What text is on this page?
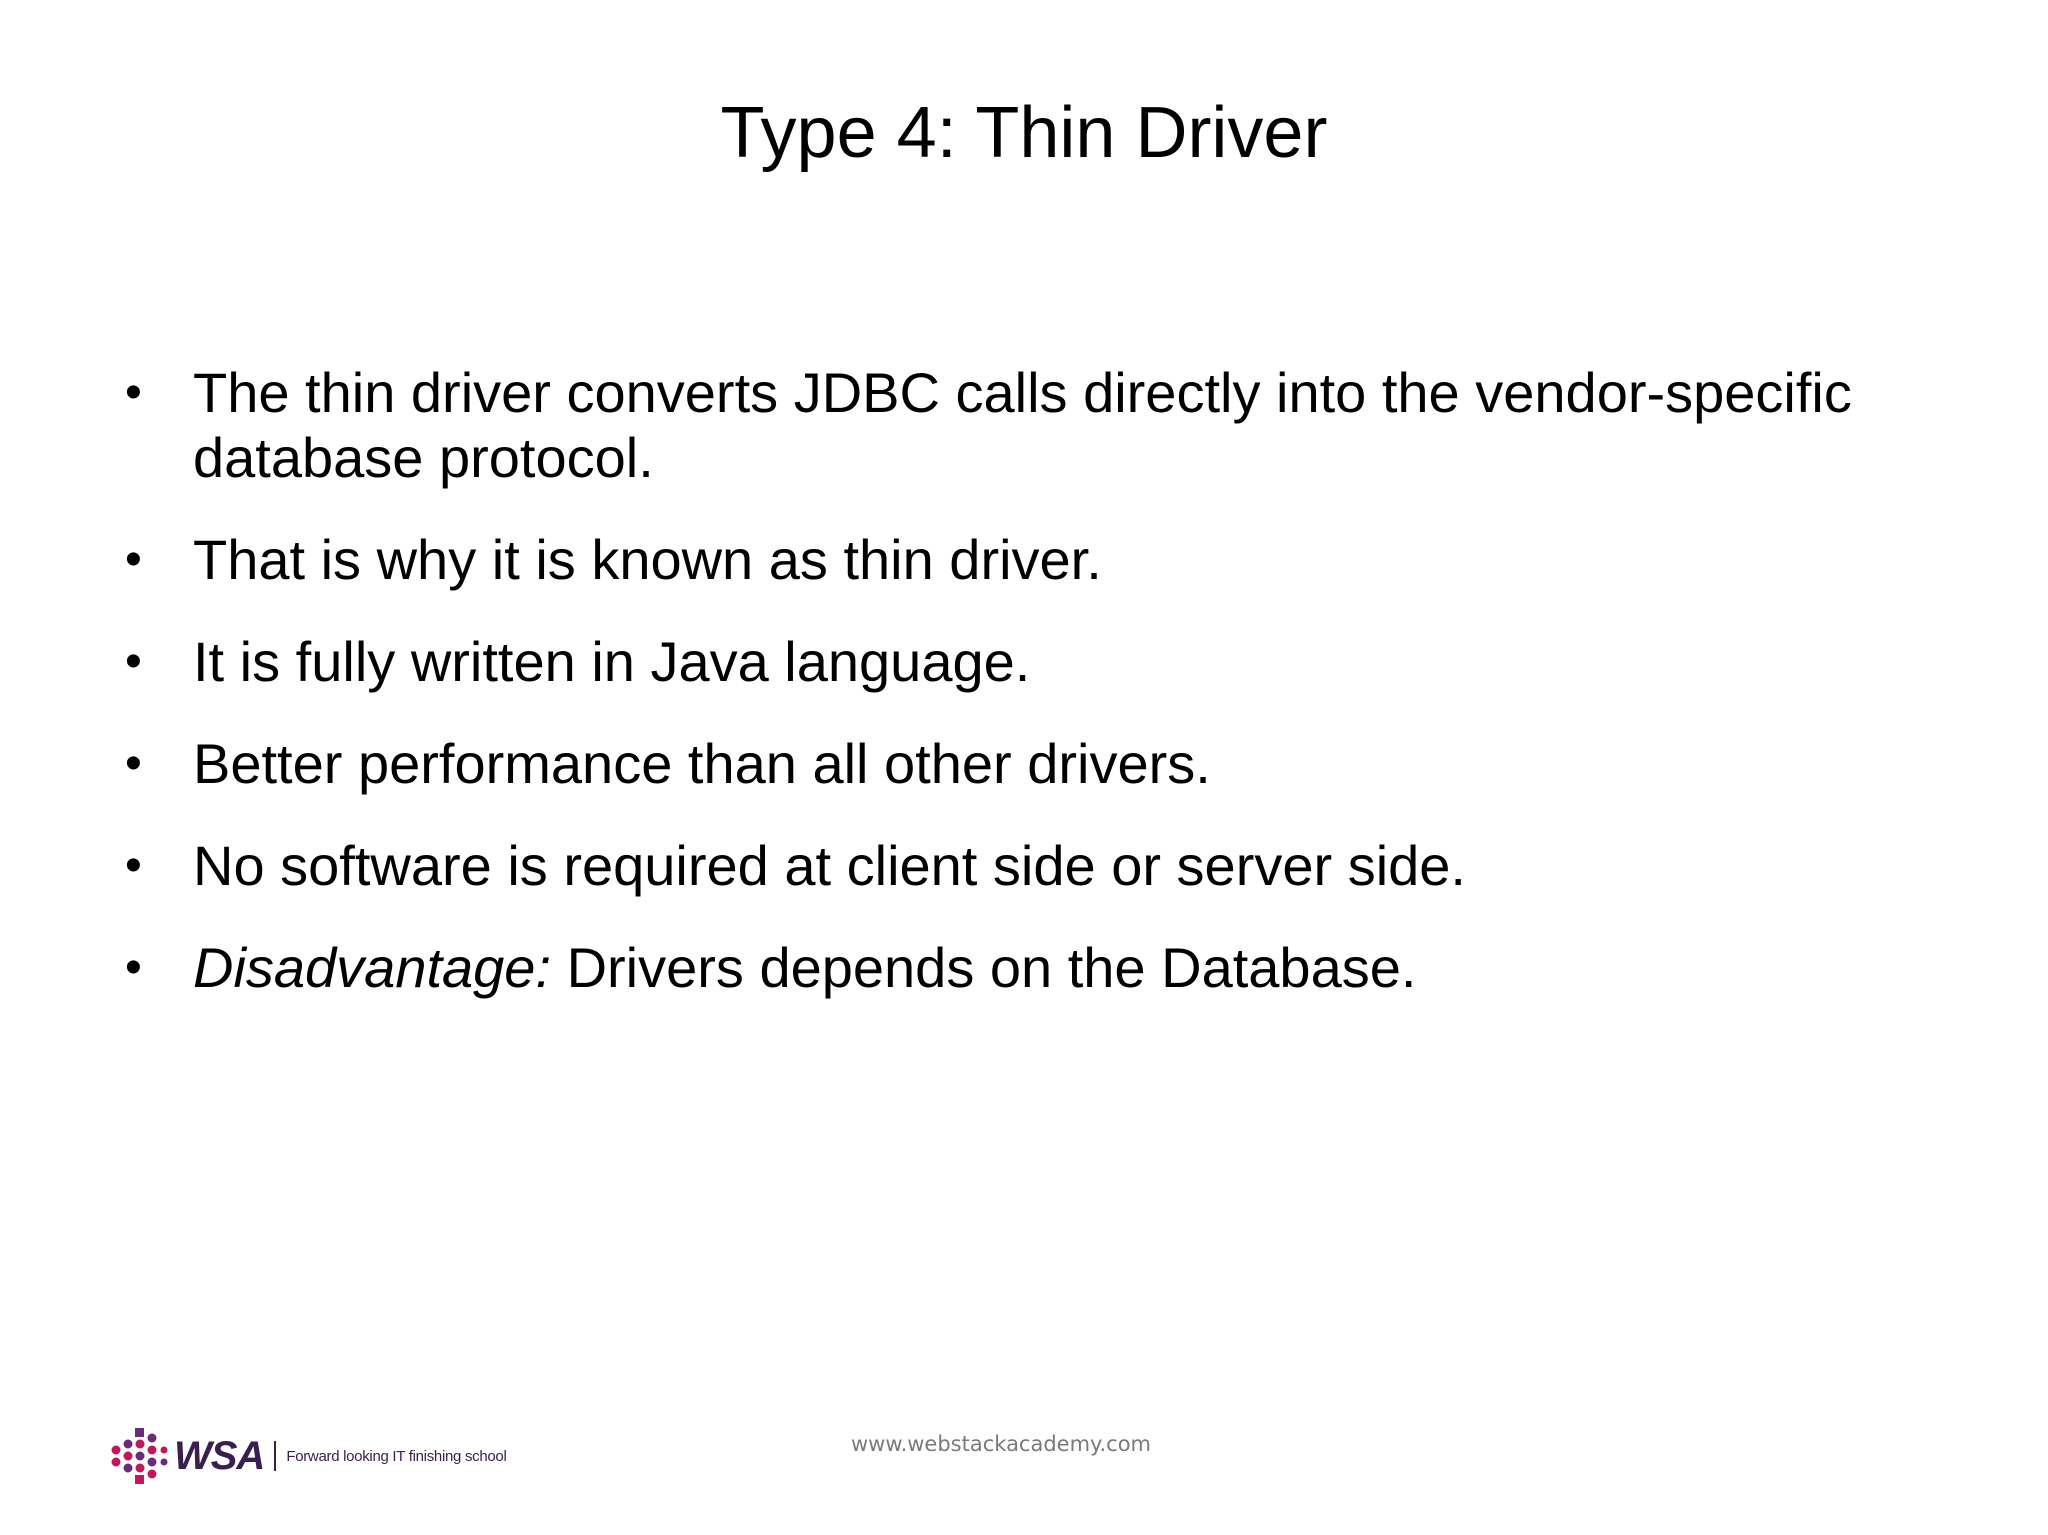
Type 4: Thin Driver
• The thin driver converts JDBC calls directly into the vendor-specific database protocol.
• That is why it is known as thin driver.
• It is fully written in Java language.
• Better performance than all other drivers.
• No software is required at client side or server side.
• Disadvantage: Drivers depends on the Database.
WSA Forward looking IT finishing school	www.webstackacademy.com
